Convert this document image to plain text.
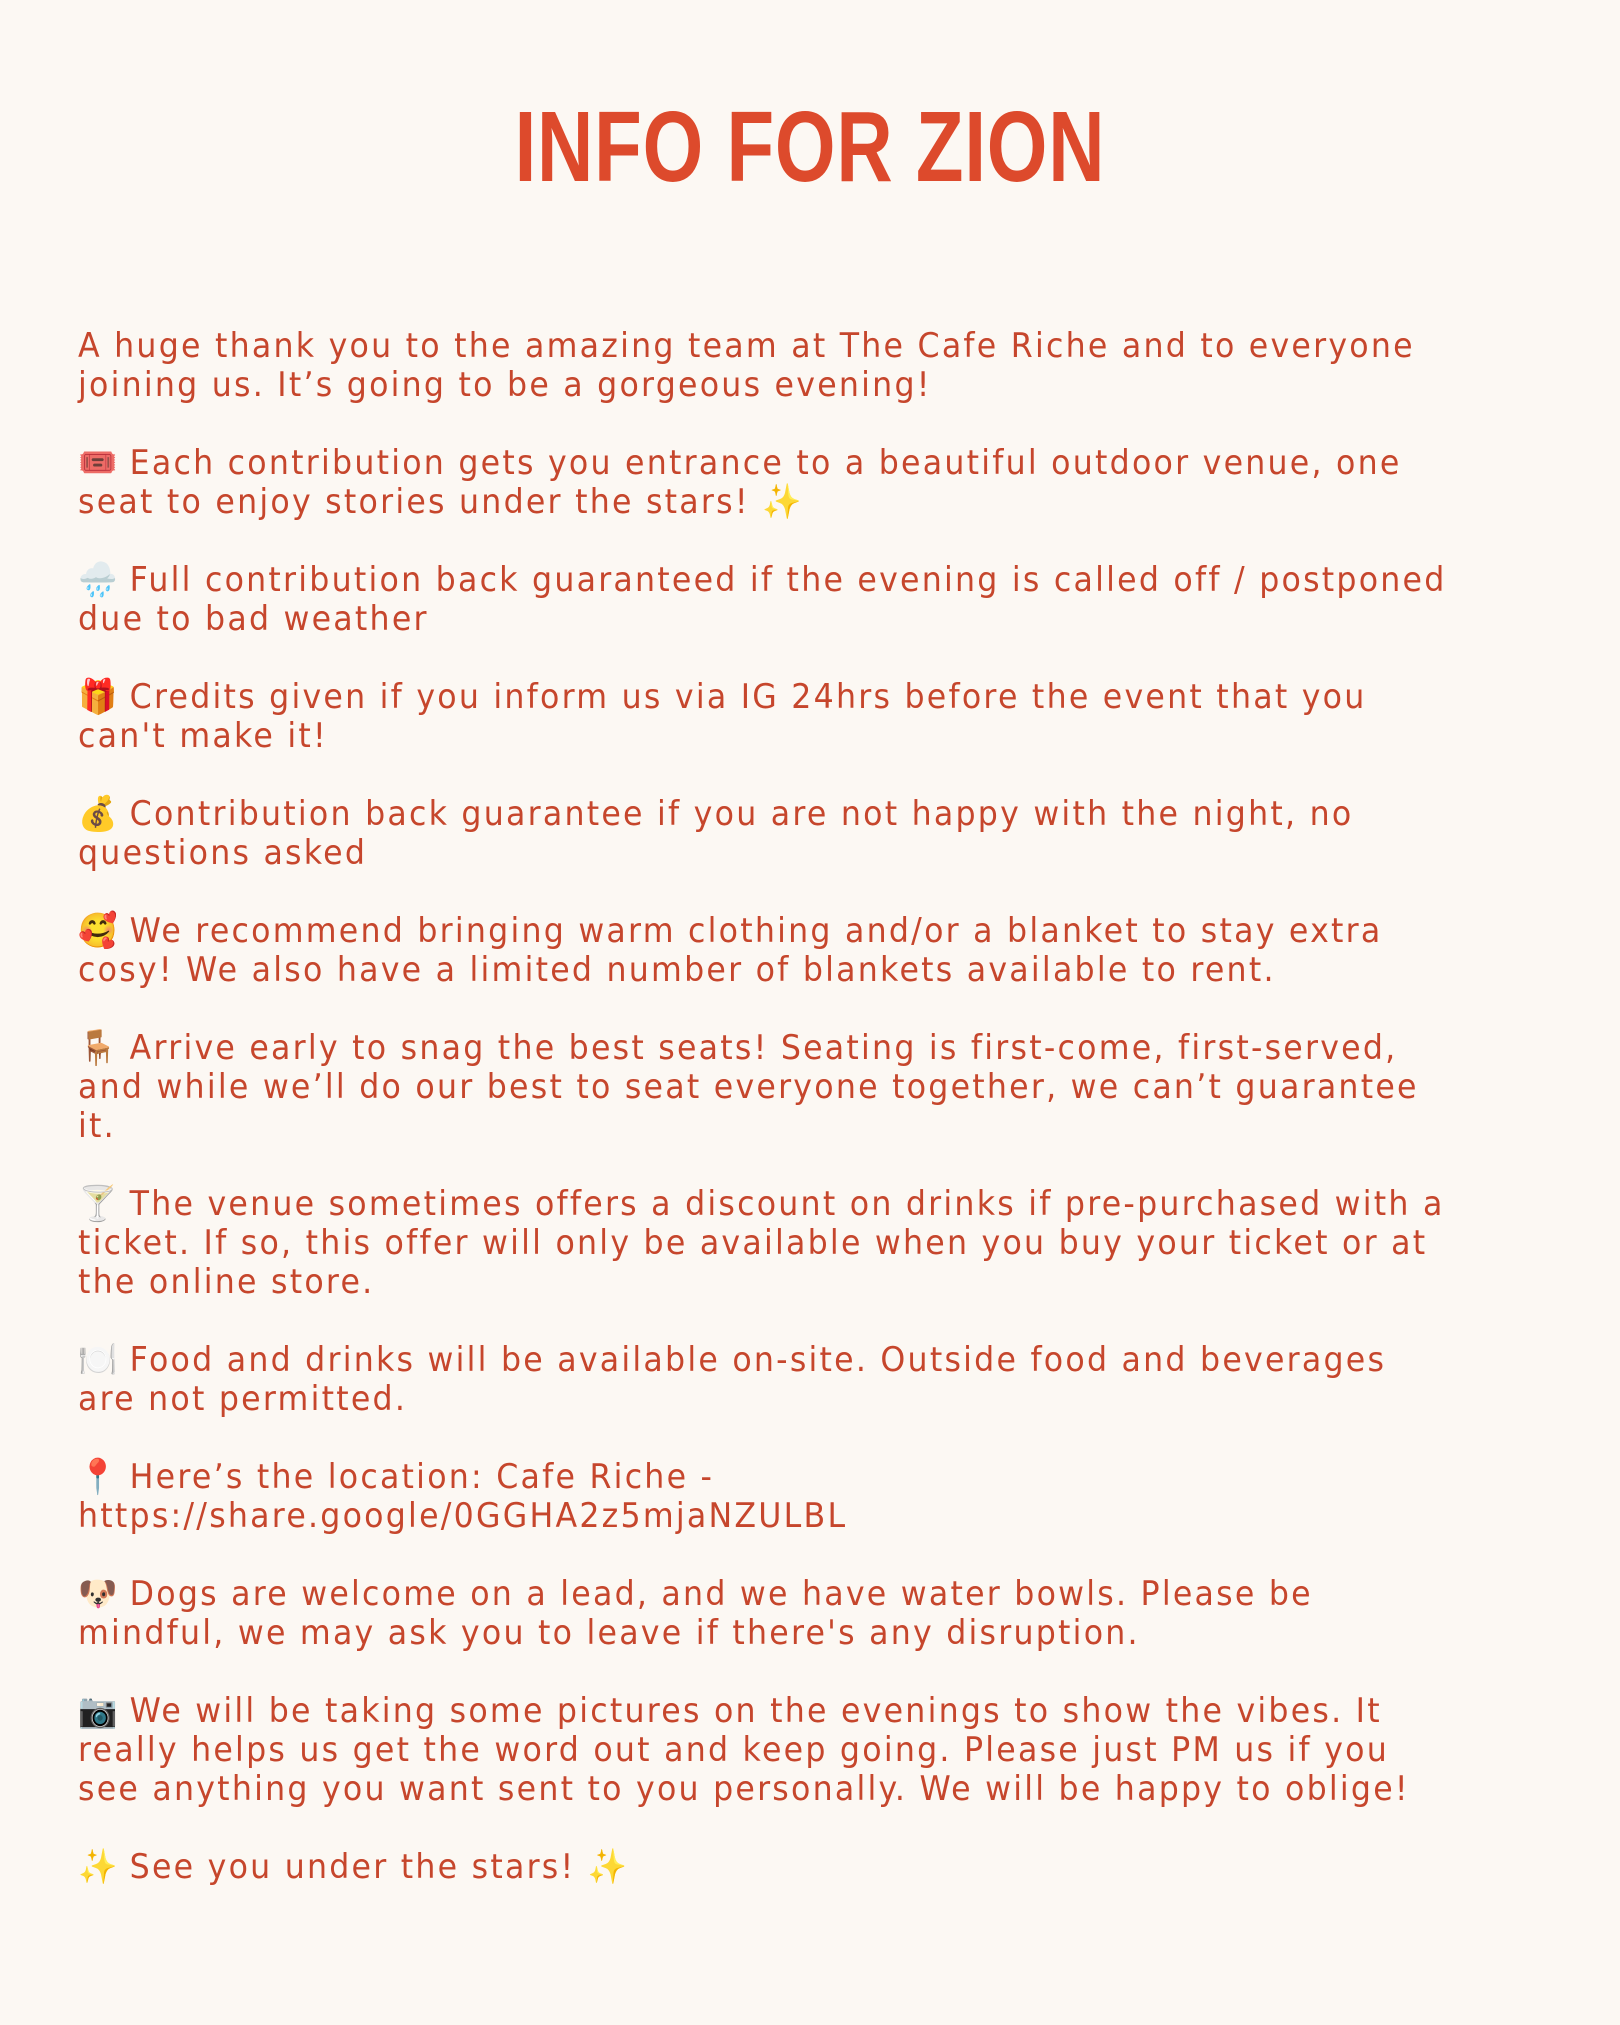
INFO FOR ZION

A huge thank you to the amazing team at The Cafe Riche and to everyone joining us. It’s going to be a gorgeous evening!

🎟️ Each contribution gets you entrance to a beautiful outdoor venue, one seat to enjoy stories under the stars! ✨

🌧️ Full contribution back guaranteed if the evening is called off / postponed due to bad weather

🎁 Credits given if you inform us via IG 24hrs before the event that you can't make it!

💰 Contribution back guarantee if you are not happy with the night, no questions asked

🥰 We recommend bringing warm clothing and/or a blanket to stay extra cosy! We also have a limited number of blankets available to rent.

🪑 Arrive early to snag the best seats! Seating is first-come, first-served, and while we’ll do our best to seat everyone together, we can’t guarantee it.

🍸 The venue sometimes offers a discount on drinks if pre-purchased with a ticket. If so, this offer will only be available when you buy your ticket or at the online store.

🍽️ Food and drinks will be available on-site. Outside food and beverages are not permitted.

📍 Here’s the location: Cafe Riche - https://share.google/0GGHA2z5mjaNZULBL

🐶 Dogs are welcome on a lead, and we have water bowls. Please be mindful, we may ask you to leave if there's any disruption.

📷 We will be taking some pictures on the evenings to show the vibes. It really helps us get the word out and keep going. Please just PM us if you see anything you want sent to you personally. We will be happy to oblige!

✨ See you under the stars! ✨
